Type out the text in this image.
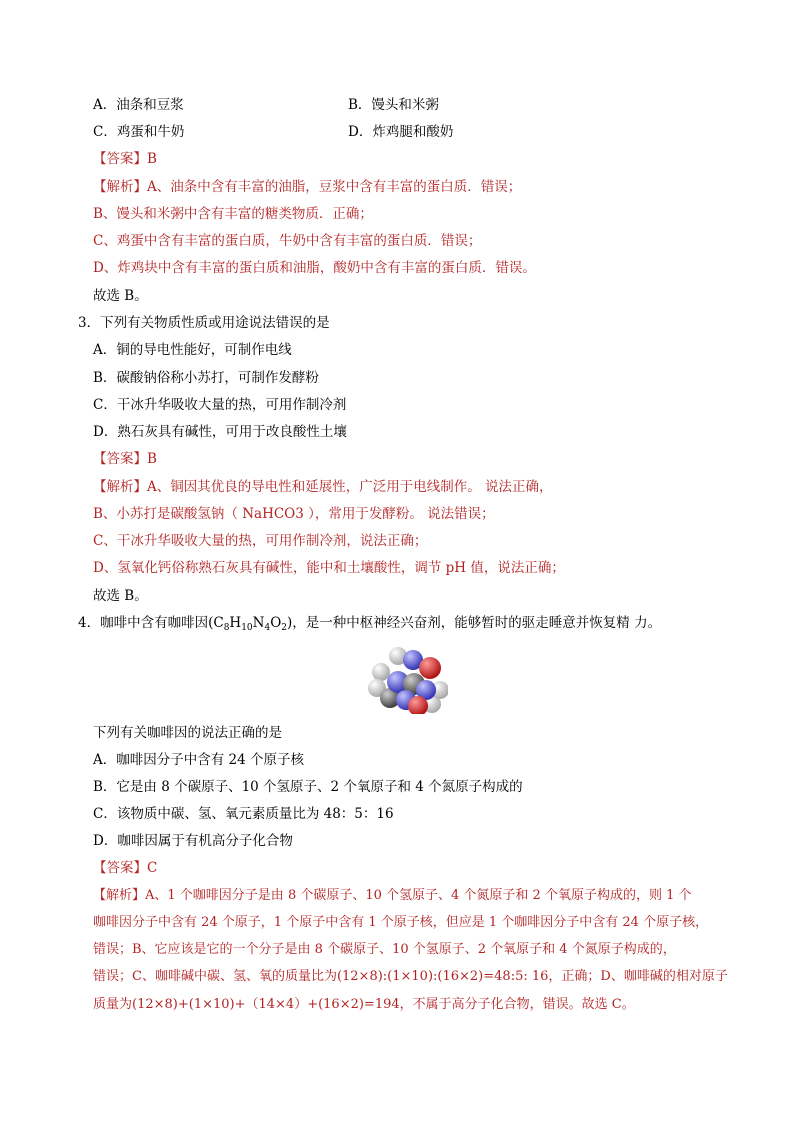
A．油条和豆浆	B．馒头和米粥
C．鸡蛋和牛奶	D．炸鸡腿和酸奶
【答案】B
【解析】A、油条中含有丰富的油脂，豆浆中含有丰富的蛋白质．错误；
B、馒头和米粥中含有丰富的糖类物质．正确；
C、鸡蛋中含有丰富的蛋白质，牛奶中含有丰富的蛋白质．错误；
D、炸鸡块中含有丰富的蛋白质和油脂，酸奶中含有丰富的蛋白质．错误。
故选 B。
3．下列有关物质性质或用途说法错误的是
A．铜的导电性能好，可制作电线
B．碳酸钠俗称小苏打，可制作发酵粉
C．干冰升华吸收大量的热，可用作制冷剂
D．熟石灰具有碱性，可用于改良酸性土壤
【答案】B
【解析】A、铜因其优良的导电性和延展性，广泛用于电线制作。 说法正确，
B、小苏打是碳酸氢钠（ NaHCO3 ），常用于发酵粉。 说法错误；
C、干冰升华吸收大量的热，可用作制冷剂，说法正确；
D、氢氧化钙俗称熟石灰具有碱性，能中和土壤酸性，调节 pH 值，说法正确；
故选 B。
4．咖啡中含有咖啡因$(C_8H_{10}N_4O_2)$，是一种中枢神经兴奋剂，能够暂时的驱走睡意并恢复精 力。
下列有关咖啡因的说法正确的是
A．咖啡因分子中含有 24 个原子核
B．它是由 8 个碳原子、10 个氢原子、2 个氧原子和 4 个氮原子构成的
C．该物质中碳、氢、氧元素质量比为 48：5：16
D．咖啡因属于有机高分子化合物
【答案】C
【解析】A、1 个咖啡因分子是由 8 个碳原子、10 个氢原子、4 个氮原子和 2 个氧原子构成的，则 1 个
咖啡因分子中含有 24 个原子，1 个原子中含有 1 个原子核，但应是 1 个咖啡因分子中含有 24 个原子核，
错误；B、它应该是它的一个分子是由 8 个碳原子、10 个氢原子、2 个氧原子和 4 个氮原子构成的，
错误；C、咖啡碱中碳、氢、氧的质量比为(12×8):(1×10):(16×2)=48:5: 16，正确；D、咖啡碱的相对原子
质量为(12×8)+(1×10)+（14×4）+(16×2)=194，不属于高分子化合物，错误。故选 C。
